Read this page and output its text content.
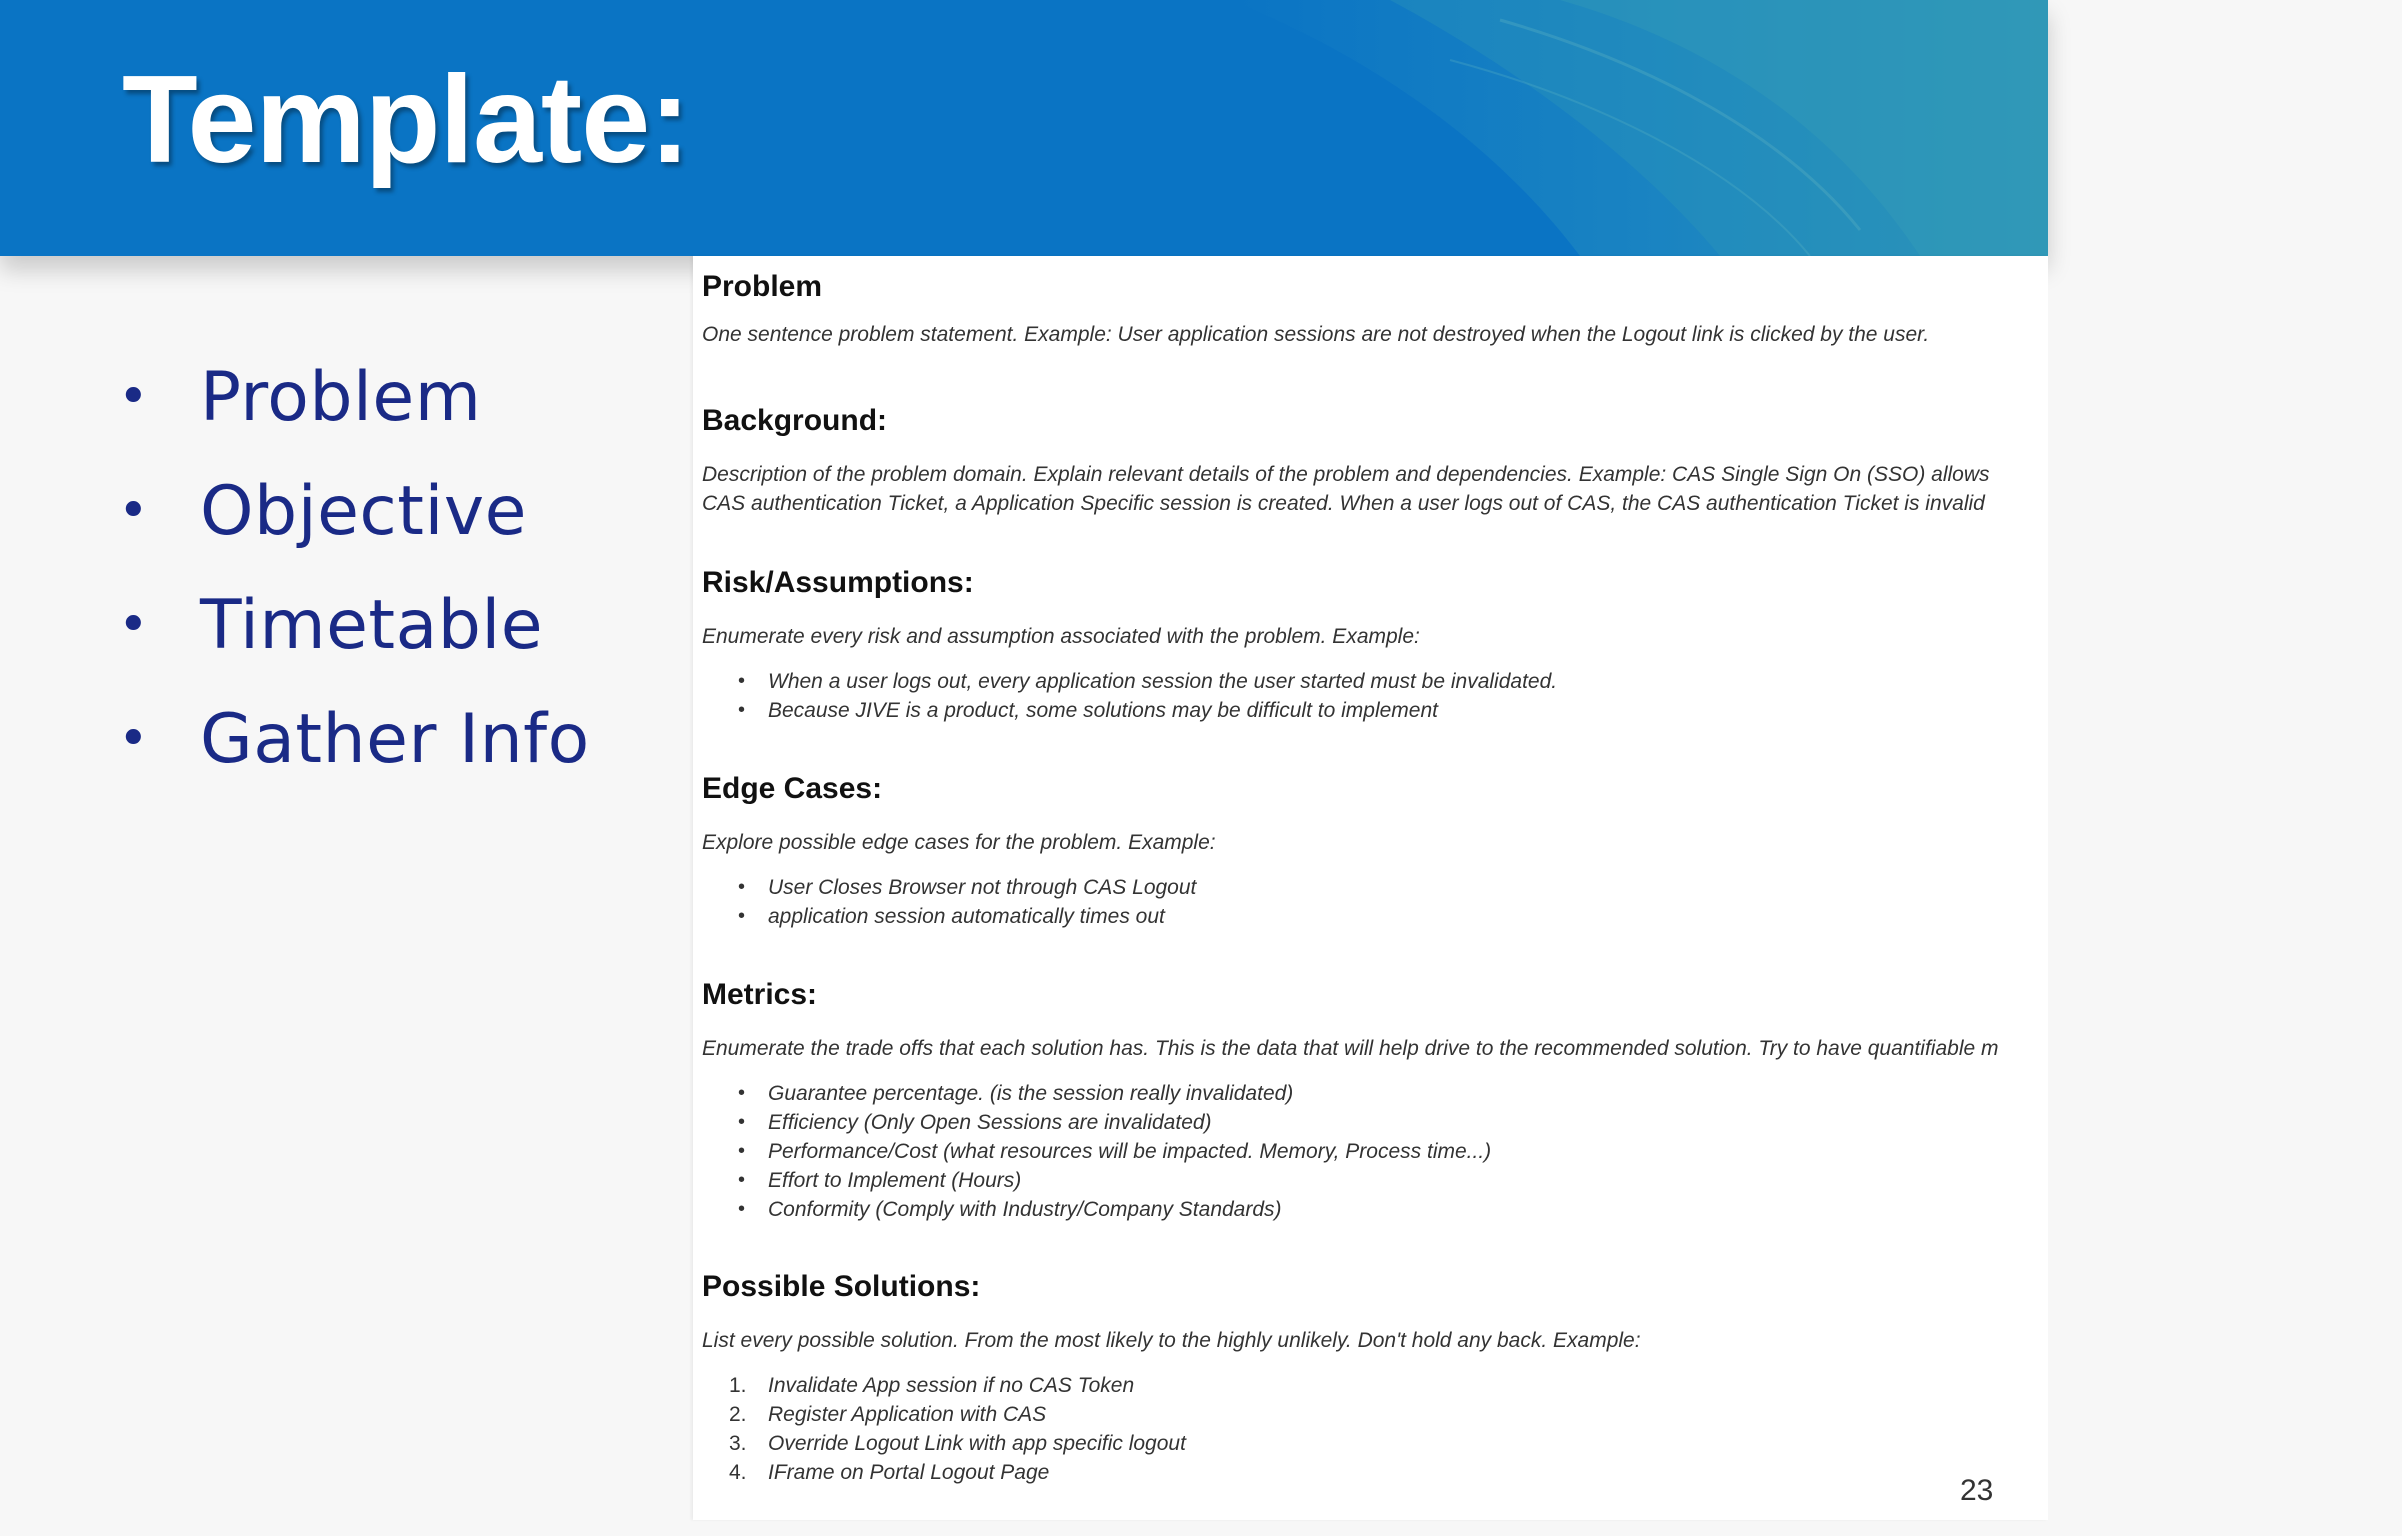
Template:
• Problem
• Objective
• Timetable
• Gather Info
Problem

One sentence problem statement. Example: User application sessions are not destroyed when the Logout link is clicked by the user.

Background:

Description of the problem domain. Explain relevant details of the problem and dependencies. Example: CAS Single Sign On (SSO) allows

CAS authentication Ticket, a Application Specific session is created. When a user logs out of CAS, the CAS authentication Ticket is invalid

Risk/Assumptions:

Enumerate every risk and assumption associated with the problem. Example:

• When a user logs out, every application session the user started must be invalidated.
• Because JIVE is a product, some solutions may be difficult to implement
Edge Cases:

Explore possible edge cases for the problem. Example:

• User Closes Browser not through CAS Logout
• application session automatically times out
Metrics:

Enumerate the trade offs that each solution has. This is the data that will help drive to the recommended solution. Try to have quantifiable m

• Guarantee percentage. (is the session really invalidated)
• Efficiency (Only Open Sessions are invalidated)
• Performance/Cost (what resources will be impacted. Memory, Process time...)
• Effort to Implement (Hours)
• Conformity (Comply with Industry/Company Standards)
Possible Solutions:

List every possible solution. From the most likely to the highly unlikely. Don't hold any back. Example:

1. Invalidate App session if no CAS Token
2. Register Application with CAS
3. Override Logout Link with app specific logout
4. IFrame on Portal Logout Page
23
